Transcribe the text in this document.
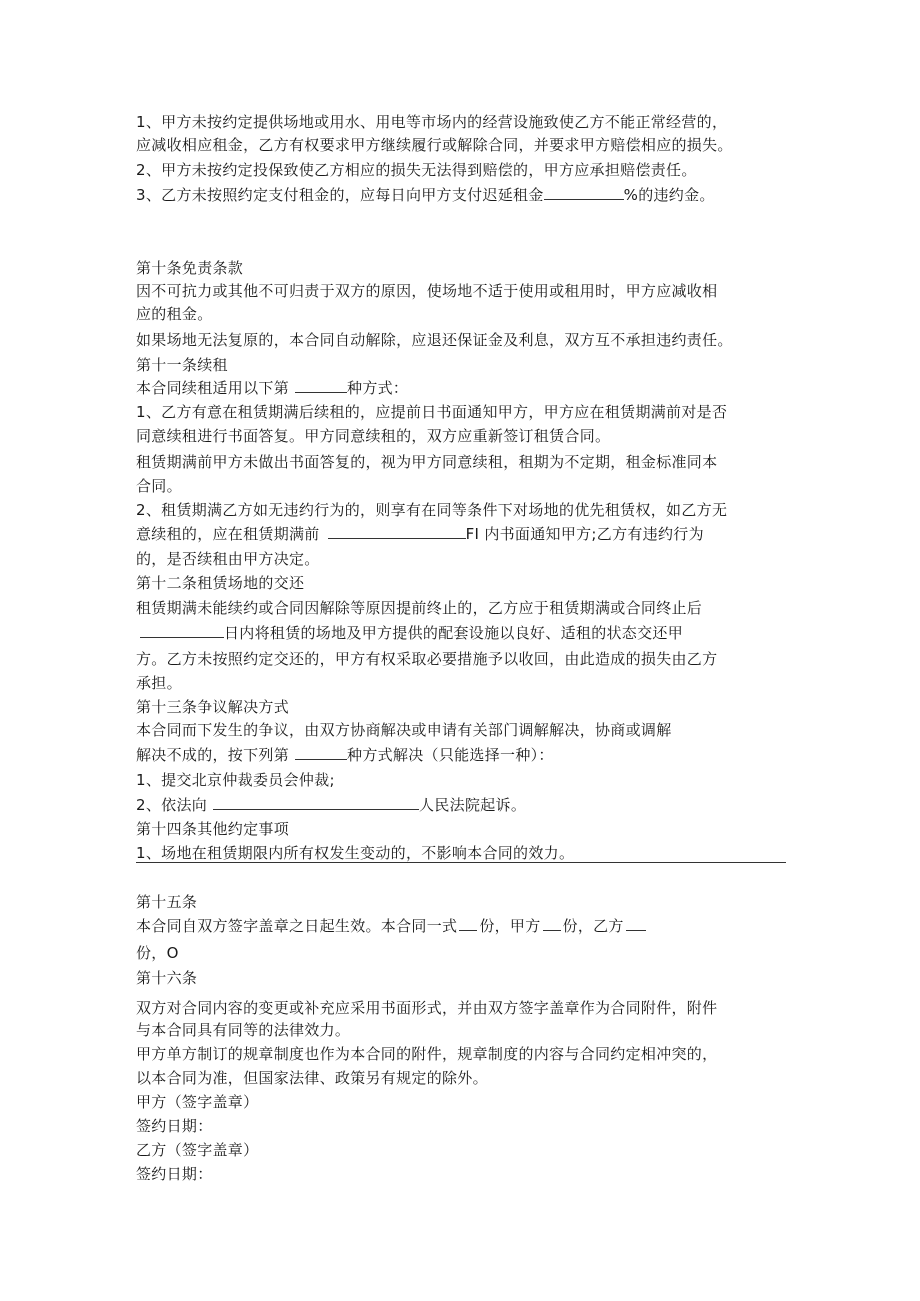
1、甲方未按约定提供场地或用水、用电等市场内的经营设施致使乙方不能正常经营的，
应减收相应租金，乙方有权要求甲方继续履行或解除合同，并要求甲方赔偿相应的损失。
2、甲方未按约定投保致使乙方相应的损失无法得到赔偿的，甲方应承担赔偿责任。
3、乙方未按照约定支付租金的，应每日向甲方支付迟延租金	%的违约金。
第十条免责条款
因不可抗力或其他不可归责于双方的原因，使场地不适于使用或租用时，甲方应减收相
应的租金。
如果场地无法复原的，本合同自动解除，应退还保证金及利息，双方互不承担违约责任。
第十一条续租
本合同续租适用以下第	种方式：
1、乙方有意在租赁期满后续租的，应提前日书面通知甲方，甲方应在租赁期满前对是否
同意续租进行书面答复。甲方同意续租的，双方应重新签订租赁合同。
租赁期满前甲方未做出书面答复的，视为甲方同意续租，租期为不定期，租金标准同本
合同。
2、租赁期满乙方如无违约行为的，则享有在同等条件下对场地的优先租赁权，如乙方无
意续租的，应在租赁期满前	FI 内书面通知甲方;乙方有违约行为
的，是否续租由甲方决定。
第十二条租赁场地的交还
租赁期满未能续约或合同因解除等原因提前终止的，乙方应于租赁期满或合同终止后
日内将租赁的场地及甲方提供的配套设施以良好、适租的状态交还甲
方。乙方未按照约定交还的，甲方有权采取必要措施予以收回，由此造成的损失由乙方
承担。
第十三条争议解决方式
本合同而下发生的争议，由双方协商解决或申请有关部门调解解决，协商或调解
解决不成的，按下列第	种方式解决（只能选择一种）：
1、提交北京仲裁委员会仲裁;
2、依法向	人民法院起诉。
第十四条其他约定事项
1、场地在租赁期限内所有权发生变动的，不影响本合同的效力。
第十五条
本合同自双方签字盖章之日起生效。本合同一式 份，甲方 份，乙方
份，O
第十六条
双方对合同内容的变更或补充应采用书面形式，并由双方签字盖章作为合同附件，附件
与本合同具有同等的法律效力。
甲方单方制订的规章制度也作为本合同的附件，规章制度的内容与合同约定相冲突的，
以本合同为准，但国家法律、政策另有规定的除外。
甲方（签字盖章）
签约日期：
乙方（签字盖章）
签约日期：
